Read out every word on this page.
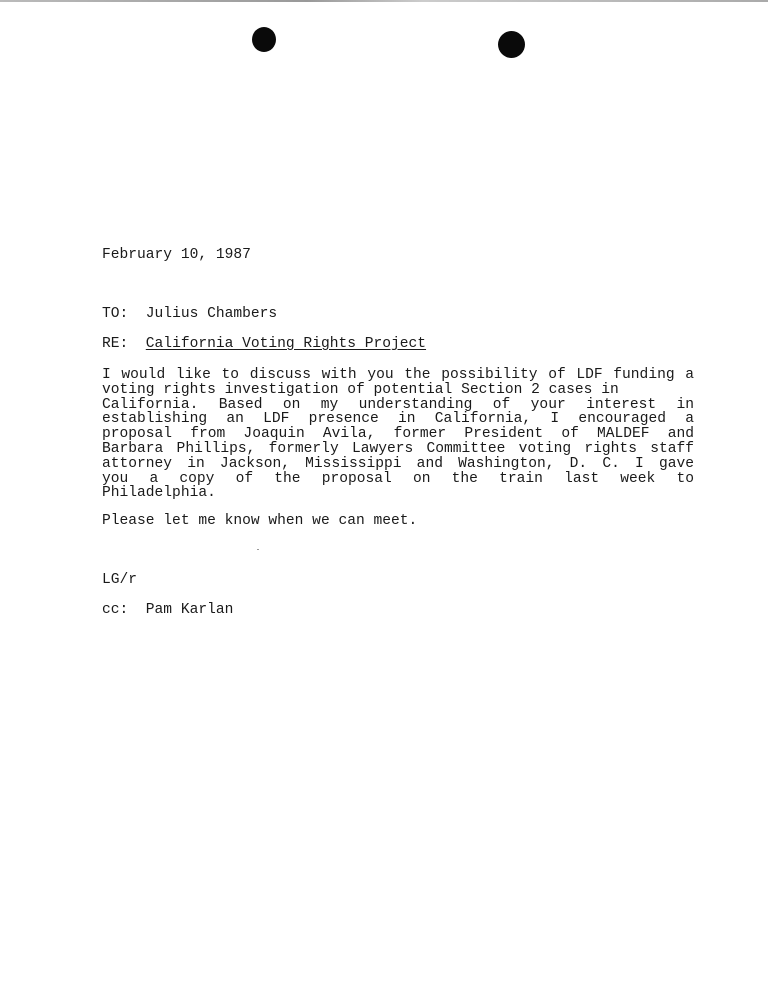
February 10, 1987

TO: Julius Chambers

RE: California Voting Rights Project

I would like to discuss with you the possibility of LDF funding a
voting rights investigation of potential Section 2 cases in
California. Based on my understanding of your interest in
establishing an LDF presence in California, I encouraged a
proposal from Joaquin Avila, former President of MALDEF and
Barbara Phillips, formerly Lawyers Committee voting rights staff
attorney in Jackson, Mississippi and Washington, D. C. I gave
you a copy of the proposal on the train last week to
Philadelphia.

Please let me know when we can meet.

LG/r

cc: Pam Karlan
